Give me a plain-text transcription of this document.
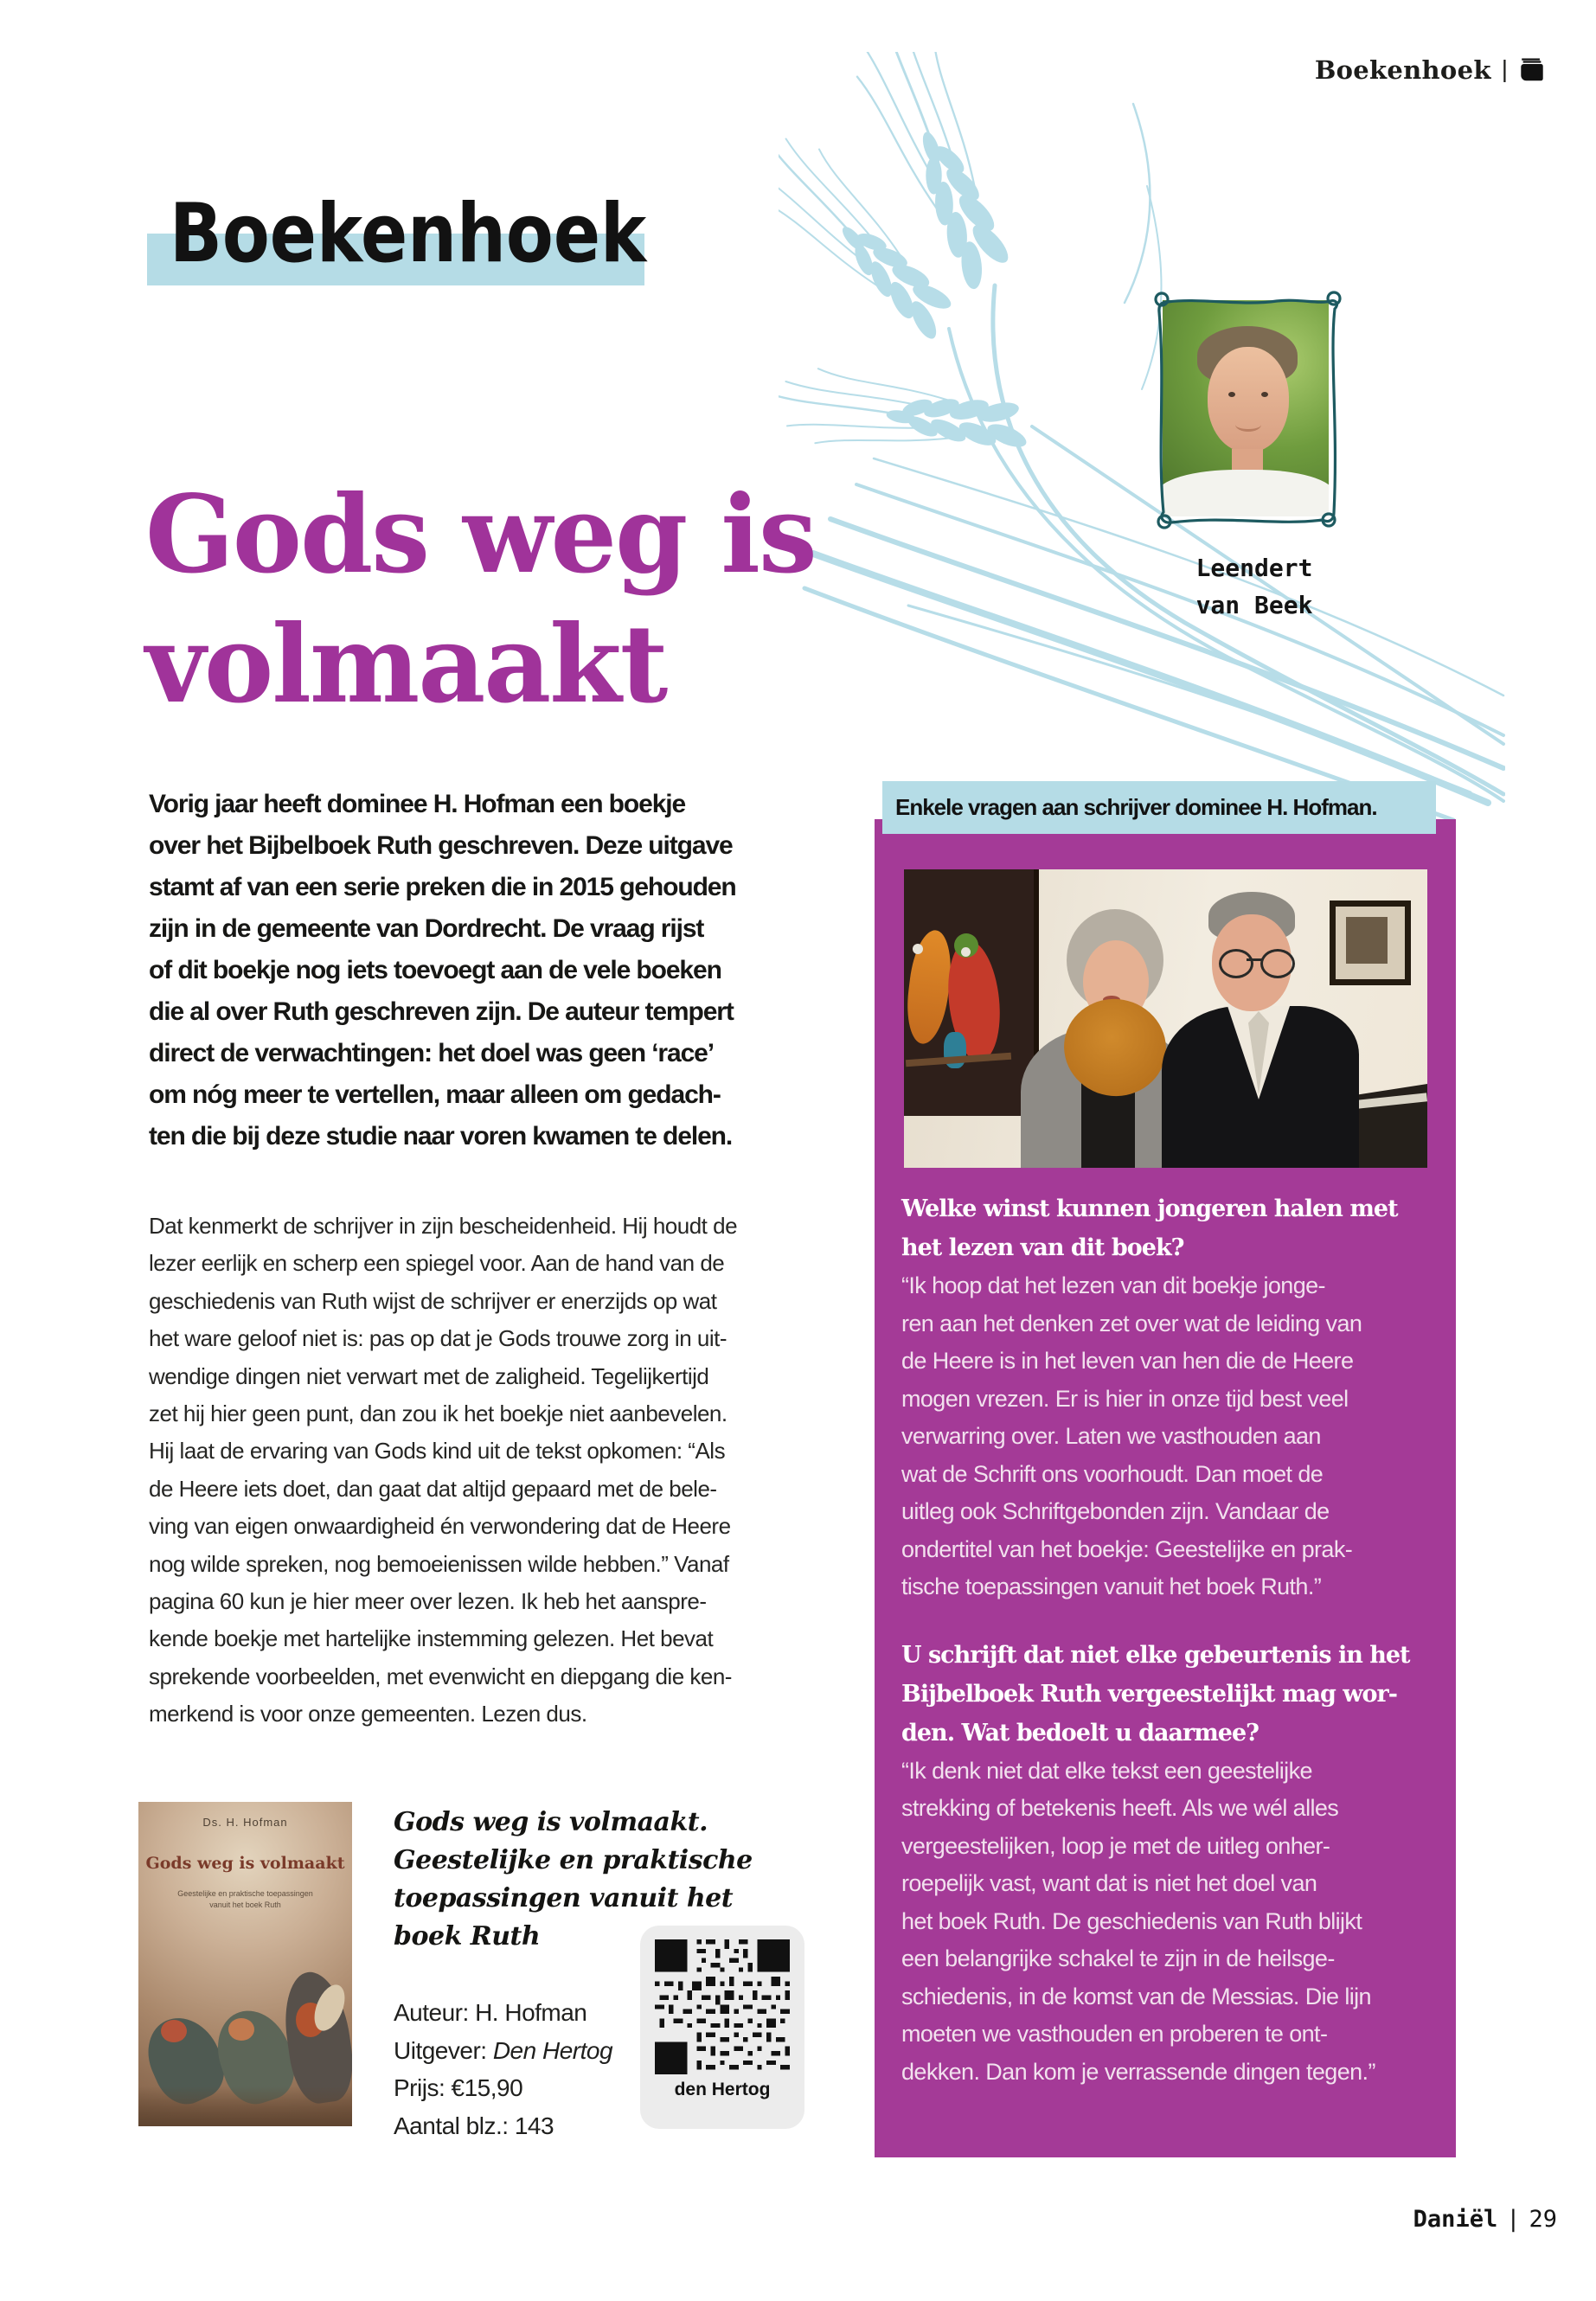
Boekenhoek |
Boekenhoek
Gods weg is
volmaakt
Leendert
van Beek

Vorig jaar heeft dominee H. Hofman een boekje
over het Bijbelboek Ruth geschreven. Deze uitgave
stamt af van een serie preken die in 2015 gehouden
zijn in de gemeente van Dordrecht. De vraag rijst
of dit boekje nog iets toevoegt aan de vele boeken
die al over Ruth geschreven zijn. De auteur tempert
direct de verwachtingen: het doel was geen ‘race’
om nóg meer te vertellen, maar alleen om gedach-
ten die bij deze studie naar voren kwamen te delen.

Dat kenmerkt de schrijver in zijn bescheidenheid. Hij houdt de
lezer eerlijk en scherp een spiegel voor. Aan de hand van de
geschiedenis van Ruth wijst de schrijver er enerzijds op wat
het ware geloof niet is: pas op dat je Gods trouwe zorg in uit-
wendige dingen niet verwart met de zaligheid. Tegelijkertijd
zet hij hier geen punt, dan zou ik het boekje niet aanbevelen.
Hij laat de ervaring van Gods kind uit de tekst opkomen: “Als
de Heere iets doet, dan gaat dat altijd gepaard met de bele-
ving van eigen onwaardigheid én verwondering dat de Heere
nog wilde spreken, nog bemoeienissen wilde hebben.” Vanaf
pagina 60 kun je hier meer over lezen. Ik heb het aanspre-
kende boekje met hartelijke instemming gelezen. Het bevat
sprekende voorbeelden, met evenwicht en diepgang die ken-
merkend is voor onze gemeenten. Lezen dus.

Enkele vragen aan schrijver dominee H. Hofman.

Welke winst kunnen jongeren halen met
het lezen van dit boek?

“Ik hoop dat het lezen van dit boekje jonge-
ren aan het denken zet over wat de leiding van
de Heere is in het leven van hen die de Heere
mogen vrezen. Er is hier in onze tijd best veel
verwarring over. Laten we vasthouden aan
wat de Schrift ons voorhoudt. Dan moet de
uitleg ook Schriftgebonden zijn. Vandaar de
ondertitel van het boekje: Geestelijke en prak-
tische toepassingen vanuit het boek Ruth.”

U schrijft dat niet elke gebeurtenis in het
Bijbelboek Ruth vergeestelijkt mag wor-
den. Wat bedoelt u daarmee?

“Ik denk niet dat elke tekst een geestelijke
strekking of betekenis heeft. Als we wél alles
vergeestelijken, loop je met de uitleg onher-
roepelijk vast, want dat is niet het doel van
het boek Ruth. De geschiedenis van Ruth blijkt
een belangrijke schakel te zijn in de heilsge-
schiedenis, in de komst van de Messias. Die lijn
moeten we vasthouden en proberen te ont-
dekken. Dan kom je verrassende dingen tegen.”

Ds. H. Hofman
Gods weg is volmaakt
Geestelijke en praktische toepassingen
vanuit het boek Ruth
Gods weg is volmaakt.
Geestelijke en praktische
toepassingen vanuit het
boek Ruth
Auteur: H. Hofman
Uitgever: Den Hertog
Prijs: €15,90
Aantal blz.: 143
den Hertog
Daniël | 29
